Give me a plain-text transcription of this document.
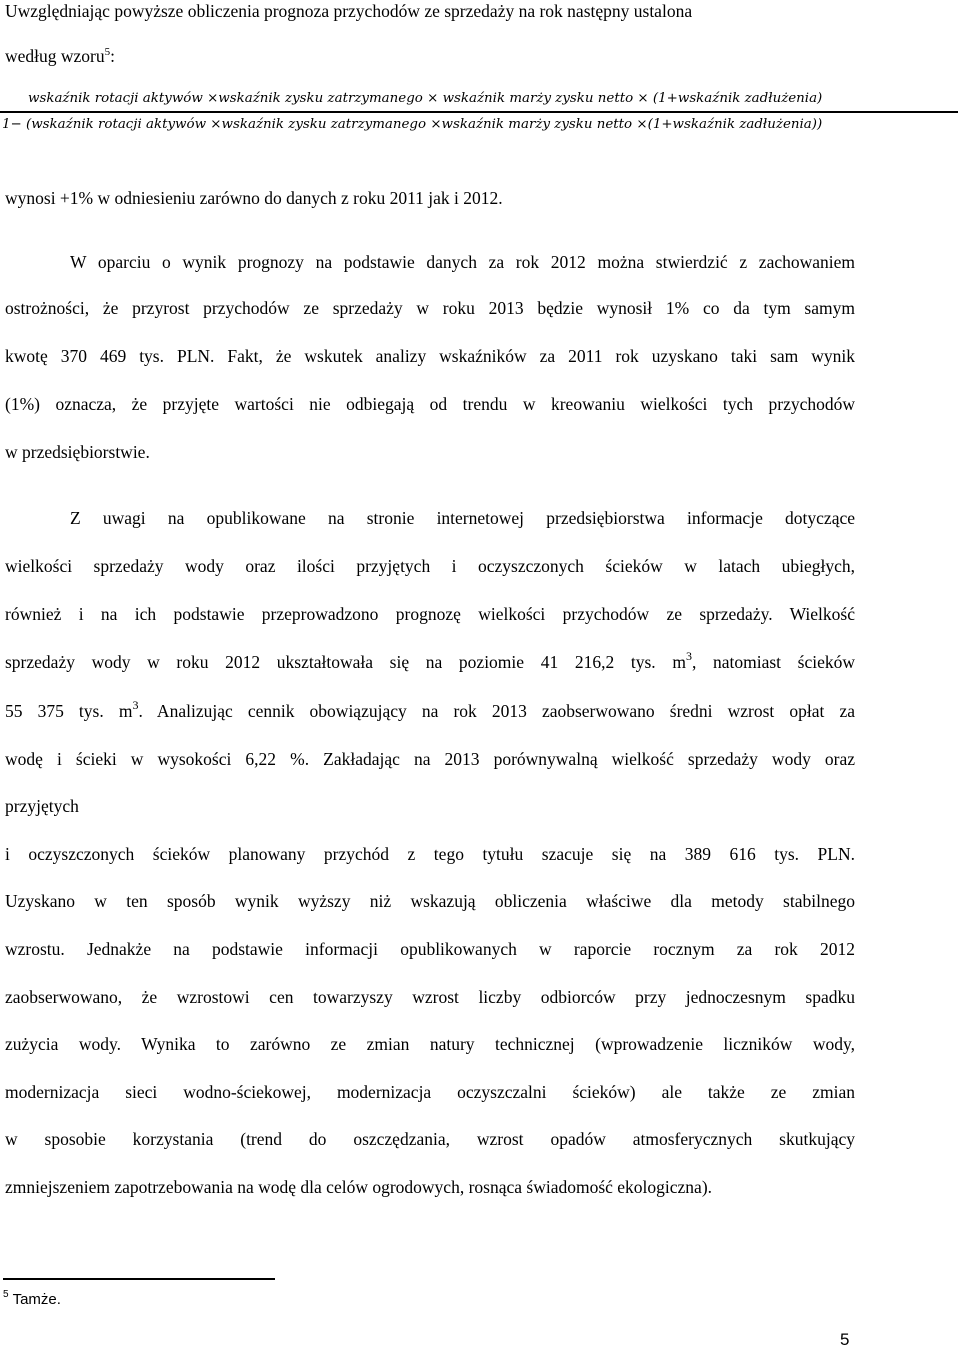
Uwzględniając powyższe obliczenia prognoza przychodów ze sprzedaży na rok następny ustalona
według wzoru$^5$:
wskaźnik rotacji aktywów ×wskaźnik zysku zatrzymanego × wskaźnik marży zysku netto × (1+wskaźnik zadłużenia)
1− (wskaźnik rotacji aktywów ×wskaźnik zysku zatrzymanego ×wskaźnik marży zysku netto ×(1+wskaźnik zadłużenia))
wynosi +1% w odniesieniu zarówno do danych z roku 2011 jak i 2012.
W oparciu o wynik prognozy na podstawie danych za rok 2012 można stwierdzić z zachowaniem
ostrożności, że przyrost przychodów ze sprzedaży w roku 2013 będzie wynosił 1% co da tym samym
kwotę 370 469 tys. PLN. Fakt, że wskutek analizy wskaźników za 2011 rok uzyskano taki sam wynik
(1%) oznacza, że przyjęte wartości nie odbiegają od trendu w kreowaniu wielkości tych przychodów
w przedsiębiorstwie.
Z uwagi na opublikowane na stronie internetowej przedsiębiorstwa informacje dotyczące
wielkości sprzedaży wody oraz ilości przyjętych i oczyszczonych ścieków w latach ubiegłych,
również i na ich podstawie przeprowadzono prognozę wielkości przychodów ze sprzedaży. Wielkość
sprzedaży wody w roku 2012 ukształtowała się na poziomie 41 216,2 tys. $m^3$, natomiast ścieków
55 375 tys. $m^3$. Analizując cennik obowiązujący na rok 2013 zaobserwowano średni wzrost opłat za
wodę i ścieki w wysokości 6,22 %. Zakładając na 2013 porównywalną wielkość sprzedaży wody oraz
przyjętych
i oczyszczonych ścieków planowany przychód z tego tytułu szacuje się na 389 616 tys. PLN.
Uzyskano w ten sposób wynik wyższy niż wskazują obliczenia właściwe dla metody stabilnego
wzrostu. Jednakże na podstawie informacji opublikowanych w raporcie rocznym za rok 2012
zaobserwowano, że wzrostowi cen towarzyszy wzrost liczby odbiorców przy jednoczesnym spadku
zużycia wody. Wynika to zarówno ze zmian natury technicznej (wprowadzenie liczników wody,
modernizacja sieci wodno-ściekowej, modernizacja oczyszczalni ścieków) ale także ze zmian
w sposobie korzystania (trend do oszczędzania, wzrost opadów atmosferycznych skutkujący
zmniejszeniem zapotrzebowania na wodę dla celów ogrodowych, rosnąca świadomość ekologiczna).
$^5$ Tamże.
5
